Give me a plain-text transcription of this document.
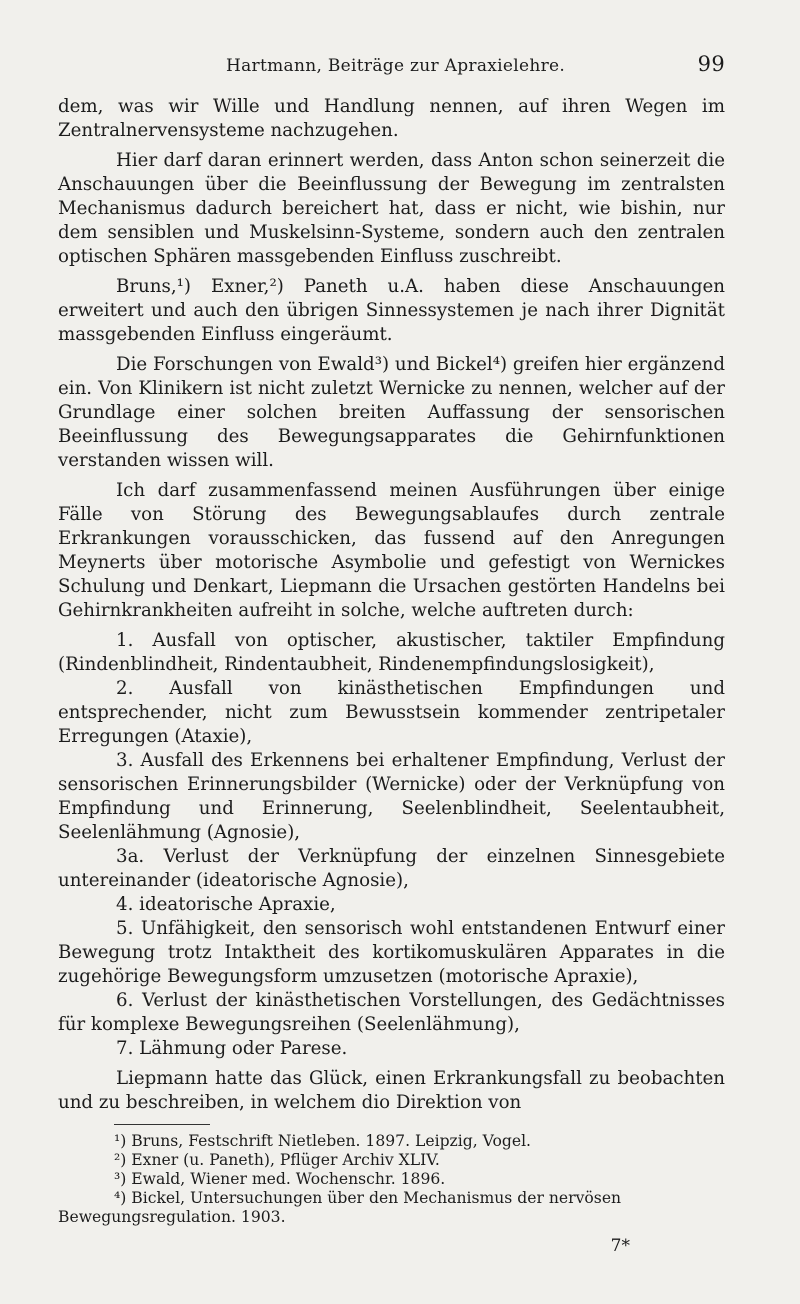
Hartmann, Beiträge zur Apraxielehre.	99

dem, was wir Wille und Handlung nennen, auf ihren Wegen im Zentralnervensysteme nachzugehen.

Hier darf daran erinnert werden, dass Anton schon seinerzeit die Anschauungen über die Beeinflussung der Bewegung im zentralsten Mechanismus dadurch bereichert hat, dass er nicht, wie bishin, nur dem sensiblen und Muskelsinn-Systeme, sondern auch den zentralen optischen Sphären massgebenden Einfluss zuschreibt.

Bruns,¹) Exner,²) Paneth u.A. haben diese Anschauungen erweitert und auch den übrigen Sinnessystemen je nach ihrer Dignität massgebenden Einfluss eingeräumt.

Die Forschungen von Ewald³) und Bickel⁴) greifen hier ergänzend ein. Von Klinikern ist nicht zuletzt Wernicke zu nennen, welcher auf der Grundlage einer solchen breiten Auffassung der sensorischen Beeinflussung des Bewegungsapparates die Gehirnfunktionen verstanden wissen will.

Ich darf zusammenfassend meinen Ausführungen über einige Fälle von Störung des Bewegungsablaufes durch zentrale Erkrankungen vorausschicken, das fussend auf den Anregungen Meynerts über motorische Asymbolie und gefestigt von Wernickes Schulung und Denkart, Liepmann die Ursachen gestörten Handelns bei Gehirnkrankheiten aufreiht in solche, welche auftreten durch:

1. Ausfall von optischer, akustischer, taktiler Empfindung (Rindenblindheit, Rindentaubheit, Rindenempfindungslosigkeit),
2. Ausfall von kinästhetischen Empfindungen und entsprechender, nicht zum Bewusstsein kommender zentripetaler Erregungen (Ataxie),
3. Ausfall des Erkennens bei erhaltener Empfindung, Verlust der sensorischen Erinnerungsbilder (Wernicke) oder der Verknüpfung von Empfindung und Erinnerung, Seelenblindheit, Seelentaubheit, Seelenlähmung (Agnosie),
3a. Verlust der Verknüpfung der einzelnen Sinnesgebiete untereinander (ideatorische Agnosie),
4. ideatorische Apraxie,
5. Unfähigkeit, den sensorisch wohl entstandenen Entwurf einer Bewegung trotz Intaktheit des kortikomuskulären Apparates in die zugehörige Bewegungsform umzusetzen (motorische Apraxie),
6. Verlust der kinästhetischen Vorstellungen, des Gedächtnisses für komplexe Bewegungsreihen (Seelenlähmung),
7. Lähmung oder Parese.

Liepmann hatte das Glück, einen Erkrankungsfall zu beobachten und zu beschreiben, in welchem dio Direktion von

¹) Bruns, Festschrift Nietleben. 1897. Leipzig, Vogel.
²) Exner (u. Paneth), Pflüger Archiv XLIV.
³) Ewald, Wiener med. Wochenschr. 1896.
⁴) Bickel, Untersuchungen über den Mechanismus der nervösen Bewegungsregulation. 1903.
7*
